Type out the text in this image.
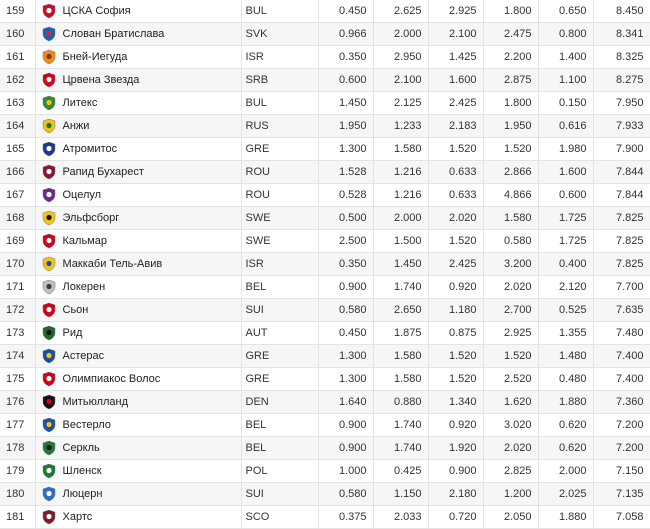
159	ЦСКА София	BUL	0.450	2.625	2.925	1.800	0.650	8.450
160	Слован Братислава	SVK	0.966	2.000	2.100	2.475	0.800	8.341
161	Бней-Иегуда	ISR	0.350	2.950	1.425	2.200	1.400	8.325
162	Црвена Звезда	SRB	0.600	2.100	1.600	2.875	1.100	8.275
163	Литекс	BUL	1.450	2.125	2.425	1.800	0.150	7.950
164	Анжи	RUS	1.950	1.233	2.183	1.950	0.616	7.933
165	Атромитос	GRE	1.300	1.580	1.520	1.520	1.980	7.900
166	Рапид Бухарест	ROU	1.528	1.216	0.633	2.866	1.600	7.844
167	Оцелул	ROU	0.528	1.216	0.633	4.866	0.600	7.844
168	Эльфсборг	SWE	0.500	2.000	2.020	1.580	1.725	7.825
169	Кальмар	SWE	2.500	1.500	1.520	0.580	1.725	7.825
170	Маккаби Тель-Авив	ISR	0.350	1.450	2.425	3.200	0.400	7.825
171	Локерен	BEL	0.900	1.740	0.920	2.020	2.120	7.700
172	Сьон	SUI	0.580	2.650	1.180	2.700	0.525	7.635
173	Рид	AUT	0.450	1.875	0.875	2.925	1.355	7.480
174	Астерас	GRE	1.300	1.580	1.520	1.520	1.480	7.400
175	Олимпиакос Волос	GRE	1.300	1.580	1.520	2.520	0.480	7.400
176	Митьюлланд	DEN	1.640	0.880	1.340	1.620	1.880	7.360
177	Вестерло	BEL	0.900	1.740	0.920	3.020	0.620	7.200
178	Серкль	BEL	0.900	1.740	1.920	2.020	0.620	7.200
179	Шленск	POL	1.000	0.425	0.900	2.825	2.000	7.150
180	Люцерн	SUI	0.580	1.150	2.180	1.200	2.025	7.135
181	Хартс	SCO	0.375	2.033	0.720	2.050	1.880	7.058
